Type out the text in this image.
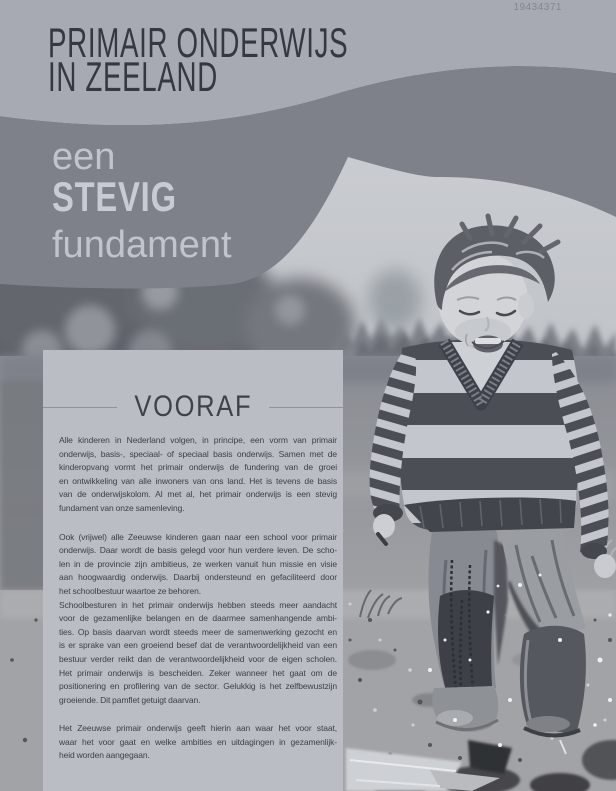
19434371
PRIMAIR ONDERWIJS
IN ZEELAND
een
STEVIG
fundament
VOORAF
Alle kinderen in Nederland volgen, in principe, een vorm van primair
onderwijs, basis-, speciaal- of speciaal basis onderwijs. Samen met de
kinderopvang vormt het primair onderwijs de fundering van de groei
en ontwikkeling van alle inwoners van ons land. Het is tevens de basis
van de onderwijskolom. Al met al, het primair onderwijs is een stevig
fundament van onze samenleving.
Ook (vrijwel) alle Zeeuwse kinderen gaan naar een school voor primair
onderwijs. Daar wordt de basis gelegd voor hun verdere leven. De scho-
len in de provincie zijn ambitieus, ze werken vanuit hun missie en visie
aan hoogwaardig onderwijs. Daarbij ondersteund en gefaciliteerd door
het schoolbestuur waartoe ze behoren.
Schoolbesturen in het primair onderwijs hebben steeds meer aandacht
voor de gezamenlijke belangen en de daarmee samenhangende ambi-
ties. Op basis daarvan wordt steeds meer de samenwerking gezocht en
is er sprake van een groeiend besef dat de verantwoordelijkheid van een
bestuur verder reikt dan de verantwoordelijkheid voor de eigen scholen.
Het primair onderwijs is bescheiden. Zeker wanneer het gaat om de
positionering en profilering van de sector. Gelukkig is het zelfbewustzijn
groeiende. Dit pamflet getuigt daarvan.
Het Zeeuwse primair onderwijs geeft hierin aan waar het voor staat,
waar het voor gaat en welke ambities en uitdagingen in gezamenlijk-
heid worden aangegaan.
